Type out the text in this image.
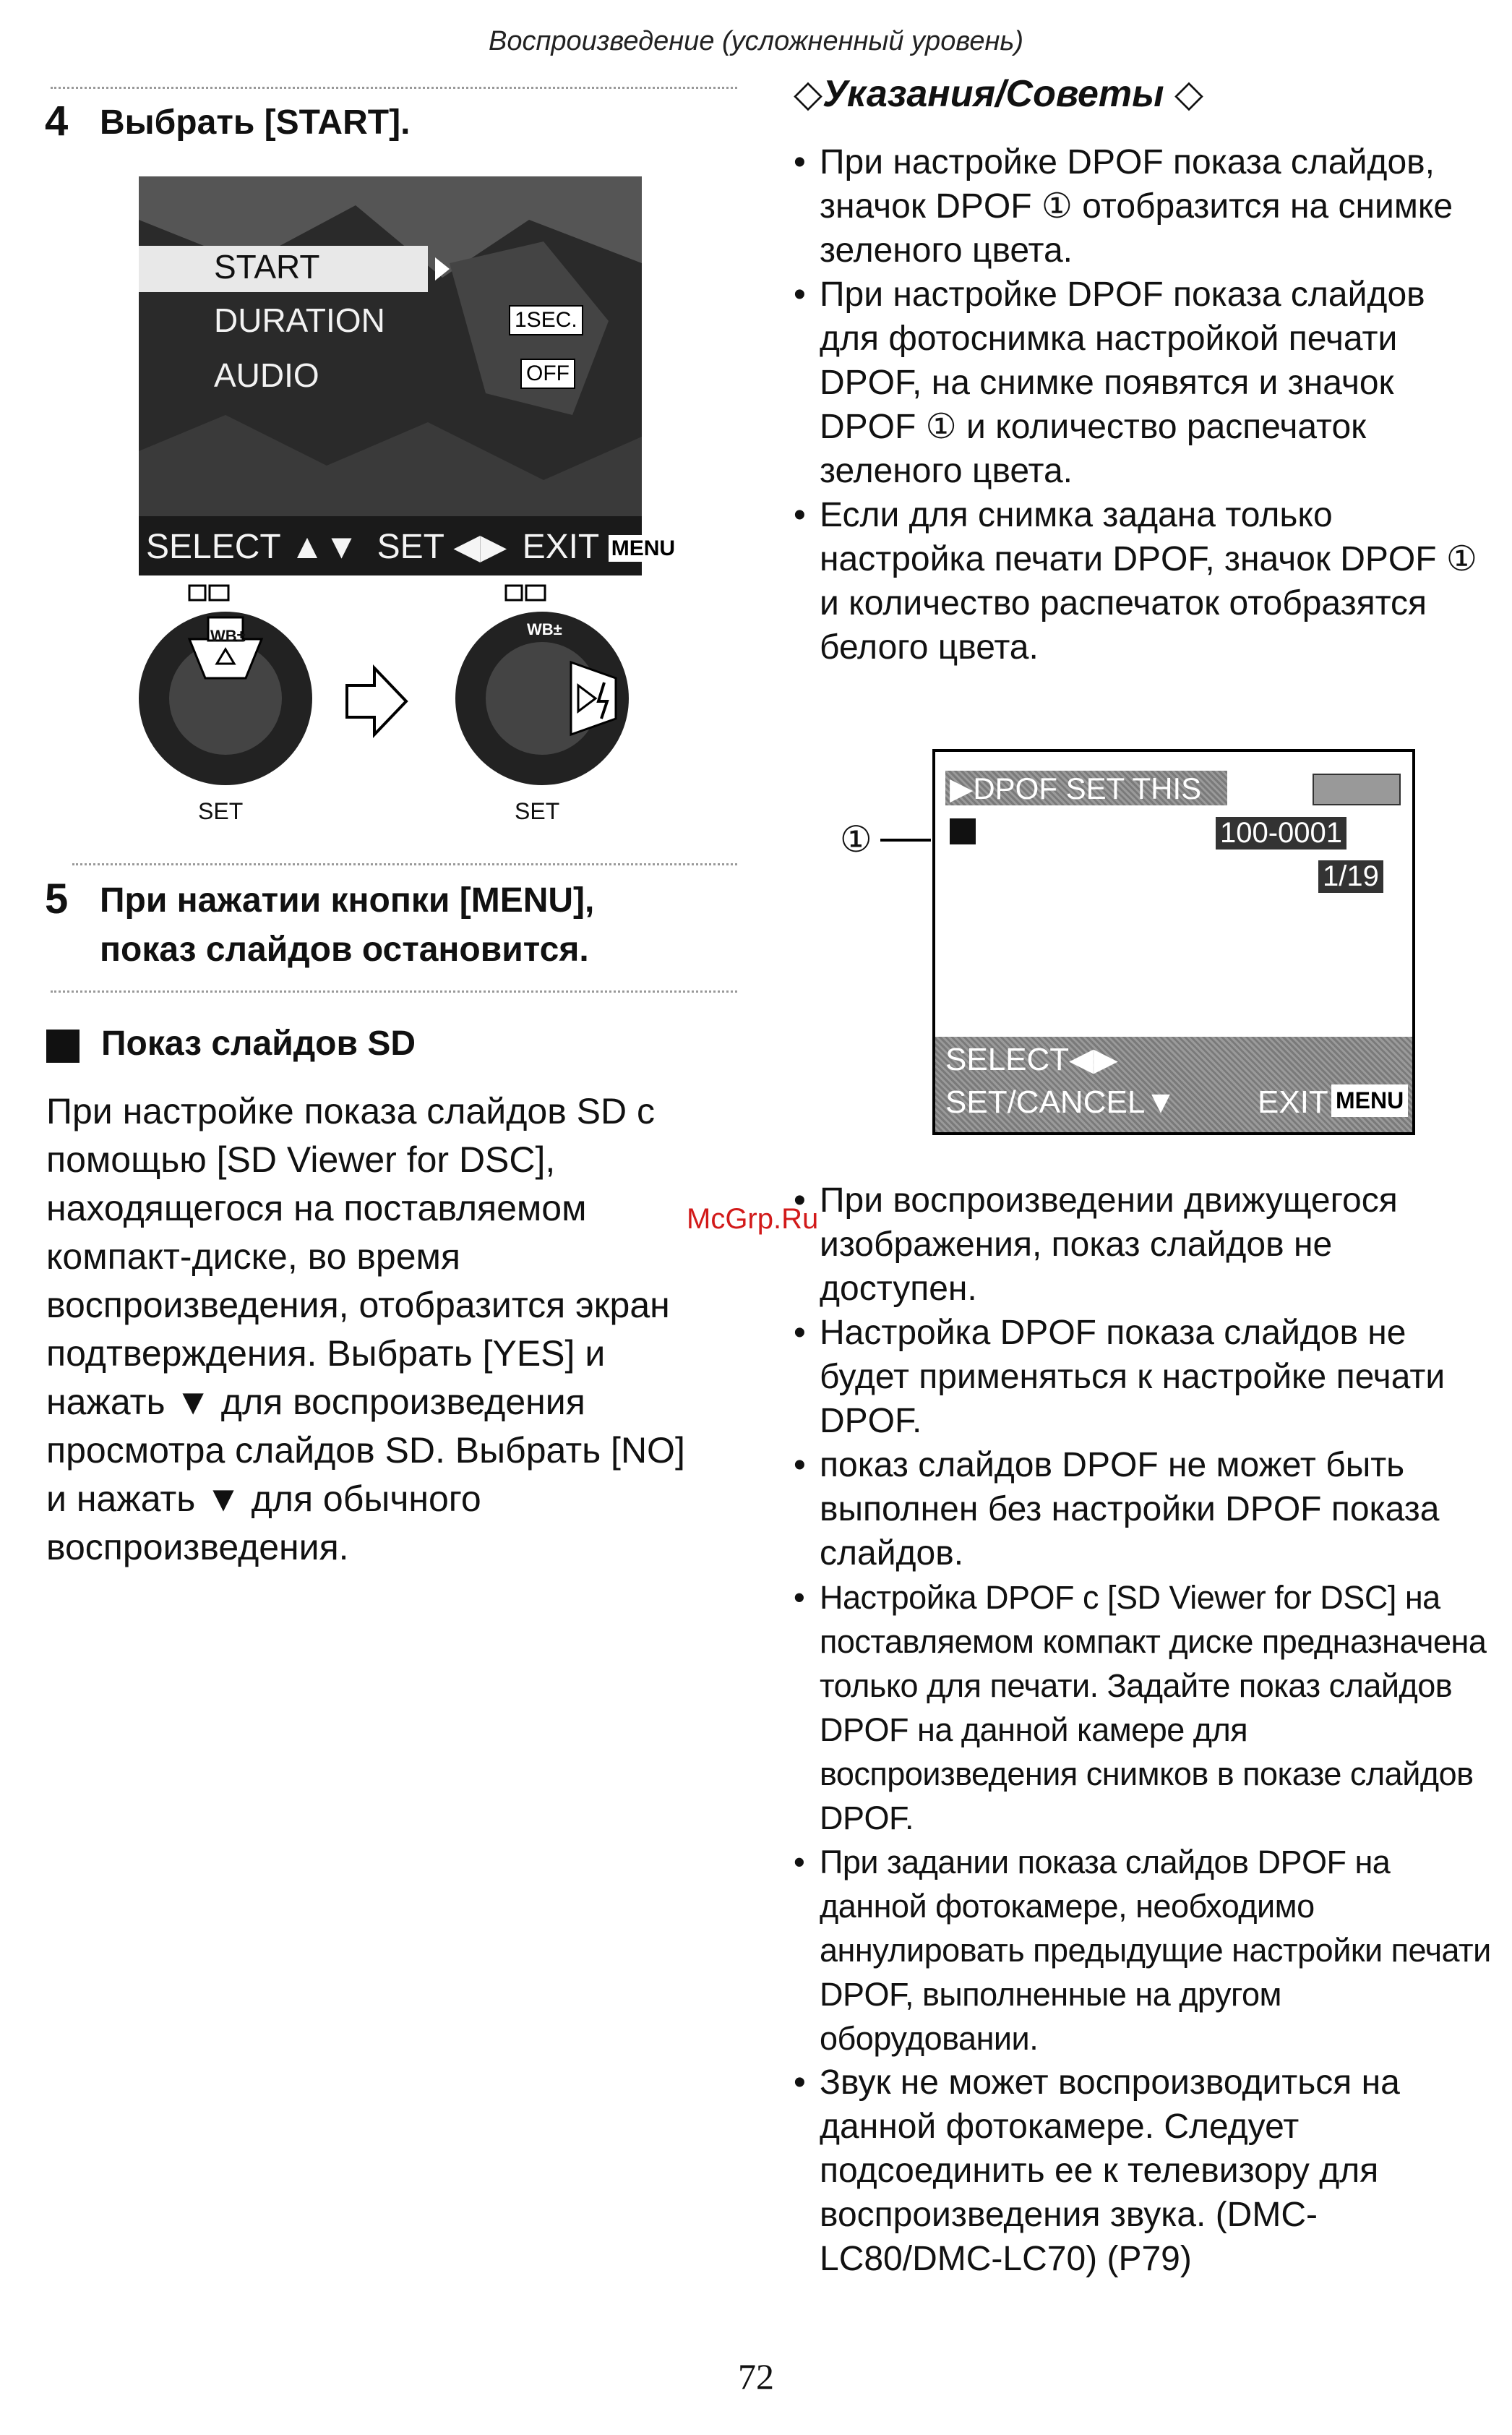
Воспроизведение (усложненный уровень)
4 Выбрать [START].
START
DURATION	1SEC.
AUDIO	OFF
SELECT ▲▼ SET ◀▶ EXIT MENU
SET	SET
WB±	WB±
5 При нажатии кнопки [MENU],
показ слайдов остановится.
Показ слайдов SD
При настройке показа слайдов SD с
помощью [SD Viewer for DSC],
находящегося на поставляемом
компакт-диске, во время
воспроизведения, отобразится экран
подтверждения. Выбрать [YES] и
нажать ▼ для воспроизведения
просмотра слайдов SD. Выбрать [NO]
и нажать ▼ для обычного
воспроизведения.
◇Указания/Советы ◇
• При настройке DPOF показа слайдов, значок DPOF ① отобразится на снимке зеленого цвета.
• При настройке DPOF показа слайдов для фотоснимка настройкой печати DPOF, на снимке появятся и значок DPOF ① и количество распечаток зеленого цвета.
• Если для снимка задана только настройка печати DPOF, значок DPOF ① и количество распечаток отобразятся белого цвета.
①
▶DPOF SET THIS
100-0001
1/19
SELECT◀▶
SET/CANCEL▼	EXIT MENU
• При воспроизведении движущегося изображения, показ слайдов не доступен.
• Настройка DPOF показа слайдов не будет применяться к настройке печати DPOF.
• показ слайдов DPOF не может быть выполнен без настройки DPOF показа слайдов.
• Настройка DPOF с [SD Viewer for DSC] на поставляемом компакт диске предназначена только для печати. Задайте показ слайдов DPOF на данной камере для воспроизведения снимков в показе слайдов DPOF.
• При задании показа слайдов DPOF на данной фотокамере, необходимо аннулировать предыдущие настройки печати DPOF, выполненные на другом оборудовании.
• Звук не может воспроизводиться на данной фотокамере. Следует подсоединить ее к телевизору для воспроизведения звука. (DMC-LC80/DMC-LC70) (P79)
McGrp.Ru
72
